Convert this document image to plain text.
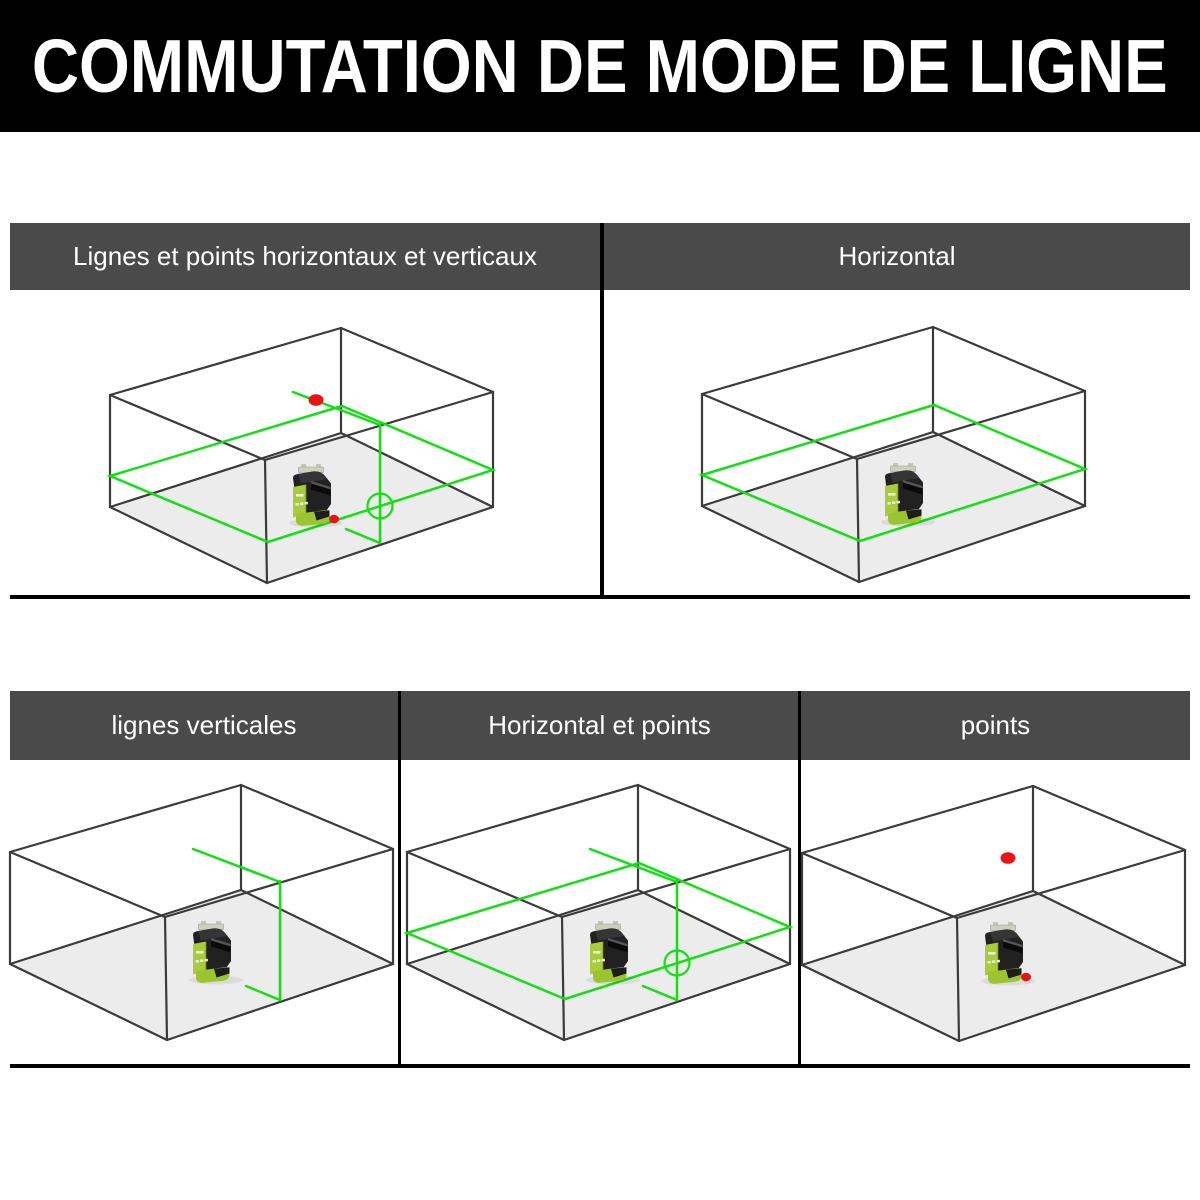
COMMUTATION DE MODE DE LIGNE
Lignes et points horizontaux et verticaux	Horizontal
lignes verticales	Horizontal et points	points
